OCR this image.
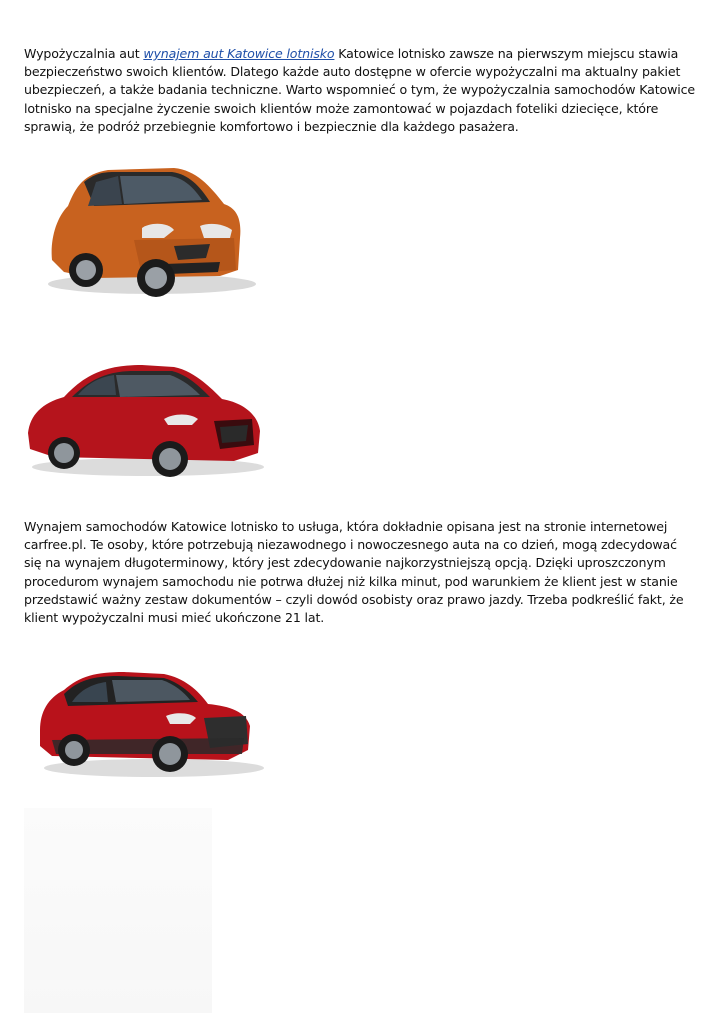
Wypożyczalnia aut wynajem aut Katowice lotnisko Katowice lotnisko zawsze na pierwszym miejscu stawia bezpieczeństwo swoich klientów. Dlatego każde auto dostępne w ofercie wypożyczalni ma aktualny pakiet ubezpieczeń, a także badania techniczne. Warto wspomnieć o tym, że wypożyczalnia samochodów Katowice lotnisko na specjalne życzenie swoich klientów może zamontować w pojazdach foteliki dziecięce, które sprawią, że podróż przebiegnie komfortowo i bezpiecznie dla każdego pasażera.

Wynajem samochodów Katowice lotnisko to usługa, która dokładnie opisana jest na stronie internetowej carfree.pl. Te osoby, które potrzebują niezawodnego i nowoczesnego auta na co dzień, mogą zdecydować się na wynajem długoterminowy, który jest zdecydowanie najkorzystniejszą opcją. Dzięki uproszczonym procedurom wynajem samochodu nie potrwa dłużej niż kilka minut, pod warunkiem że klient jest w stanie przedstawić ważny zestaw dokumentów – czyli dowód osobisty oraz prawo jazdy. Trzeba podkreślić fakt, że klient wypożyczalni musi mieć ukończone 21 lat.
